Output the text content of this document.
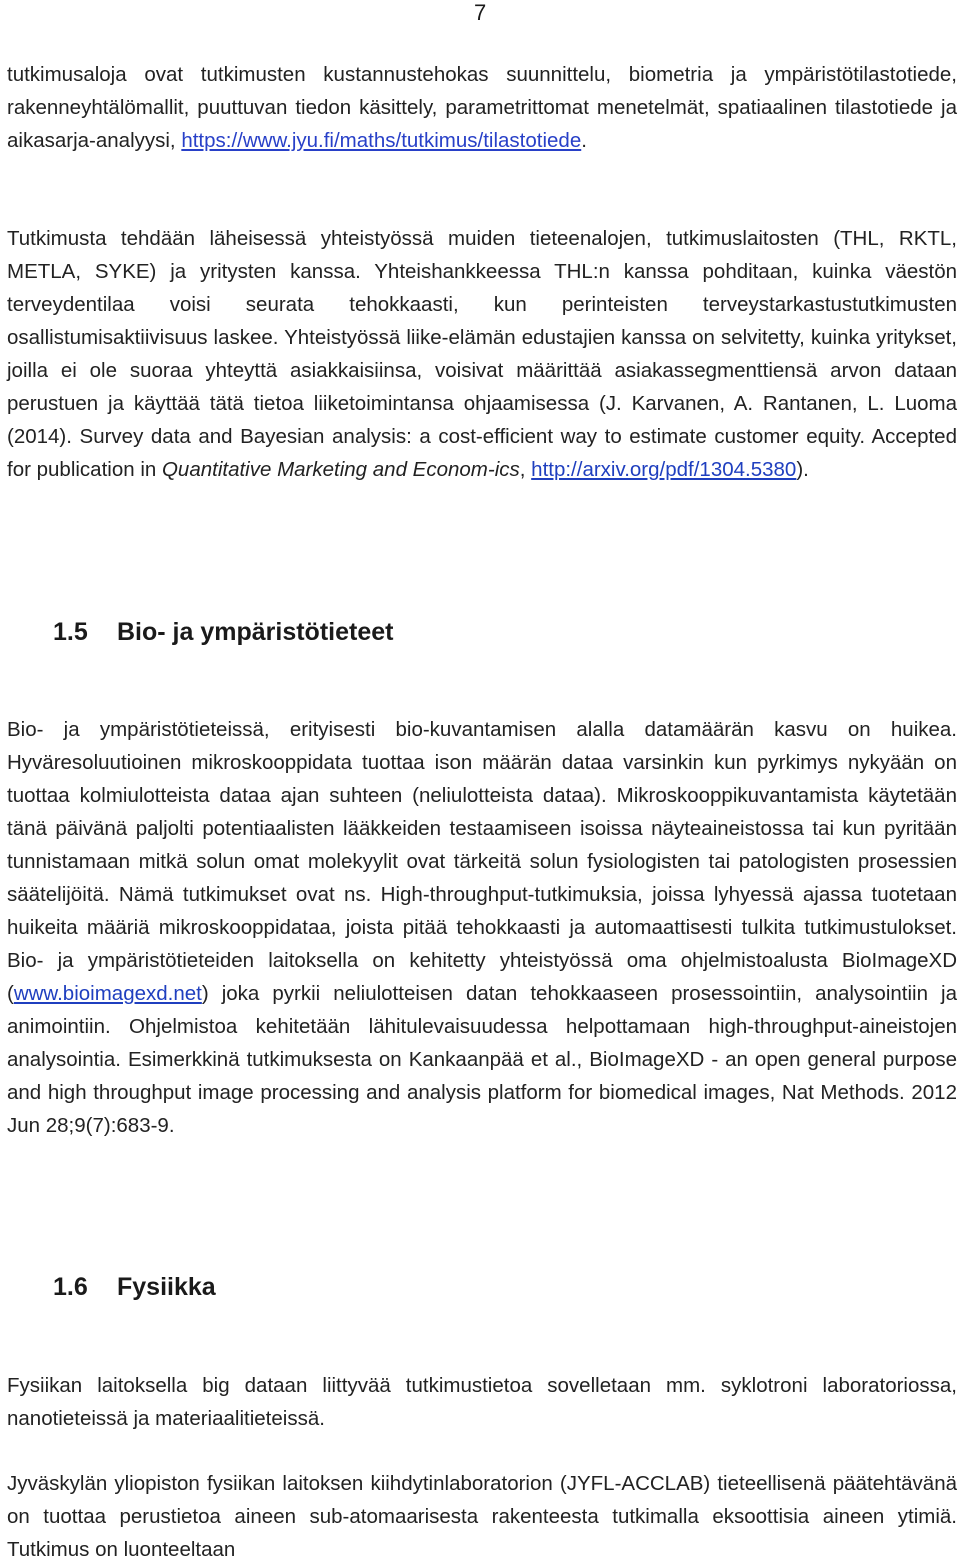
7

tutkimusaloja ovat tutkimusten kustannustehokas suunnittelu, biometria ja ympäristötilastotiede, rakenneyhtälömallit, puuttuvan tiedon käsittely, parametrittomat menetelmät, spatiaalinen tilastotiede ja aikasarja-analyysi, https://www.jyu.fi/maths/tutkimus/tilastotiede.

Tutkimusta tehdään läheisessä yhteistyössä muiden tieteenalojen, tutkimuslaitosten (THL, RKTL, METLA, SYKE) ja yritysten kanssa. Yhteishankkeessa THL:n kanssa pohditaan, kuinka väestön terveydentilaa voisi seurata tehokkaasti, kun perinteisten terveystarkastustutkimusten osallistumisaktiivisuus laskee. Yhteistyössä liike-elämän edustajien kanssa on selvitetty, kuinka yritykset, joilla ei ole suoraa yhteyttä asiakkaisiinsa, voisivat määrittää asiakassegmenttiensä arvon dataan perustuen ja käyttää tätä tietoa liiketoimintansa ohjaamisessa (J. Karvanen, A. Rantanen, L. Luoma (2014). Survey data and Bayesian analysis: a cost-efficient way to estimate customer equity. Accepted for publication in Quantitative Marketing and Econom-ics, http://arxiv.org/pdf/1304.5380).

1.5 Bio- ja ympäristötieteet

Bio- ja ympäristötieteissä, erityisesti bio-kuvantamisen alalla datamäärän kasvu on huikea. Hyväresoluutioinen mikroskooppidata tuottaa ison määrän dataa varsinkin kun pyrkimys nykyään on tuottaa kolmiulotteista dataa ajan suhteen (neliulotteista dataa). Mikroskooppikuvantamista käytetään tänä päivänä paljolti potentiaalisten lääkkeiden testaamiseen isoissa näyteaineistossa tai kun pyritään tunnistamaan mitkä solun omat molekyylit ovat tärkeitä solun fysiologisten tai patologisten prosessien säätelijöitä. Nämä tutkimukset ovat ns. High-throughput-tutkimuksia, joissa lyhyessä ajassa tuotetaan huikeita määriä mikroskooppidataa, joista pitää tehokkaasti ja automaattisesti tulkita tutkimustulokset. Bio- ja ympäristötieteiden laitoksella on kehitetty yhteistyössä oma ohjelmistoalusta BioImageXD (www.bioimagexd.net) joka pyrkii neliulotteisen datan tehokkaaseen prosessointiin, analysointiin ja animointiin. Ohjelmistoa kehitetään lähitulevaisuudessa helpottamaan high-throughput-aineistojen analysointia. Esimerkkinä tutkimuksesta on Kankaanpää et al., BioImageXD - an open general purpose and high throughput image processing and analysis platform for biomedical images, Nat Methods. 2012 Jun 28;9(7):683-9.

1.6 Fysiikka

Fysiikan laitoksella big dataan liittyvää tutkimustietoa sovelletaan mm. syklotroni laboratoriossa, nanotieteissä ja materiaalitieteissä.

Jyväskylän yliopiston fysiikan laitoksen kiihdytinlaboratorion (JYFL-ACCLAB) tieteellisenä päätehtävänä on tuottaa perustietoa aineen sub-atomaarisesta rakenteesta tutkimalla eksoottisia aineen ytimiä. Tutkimus on luonteeltaan
